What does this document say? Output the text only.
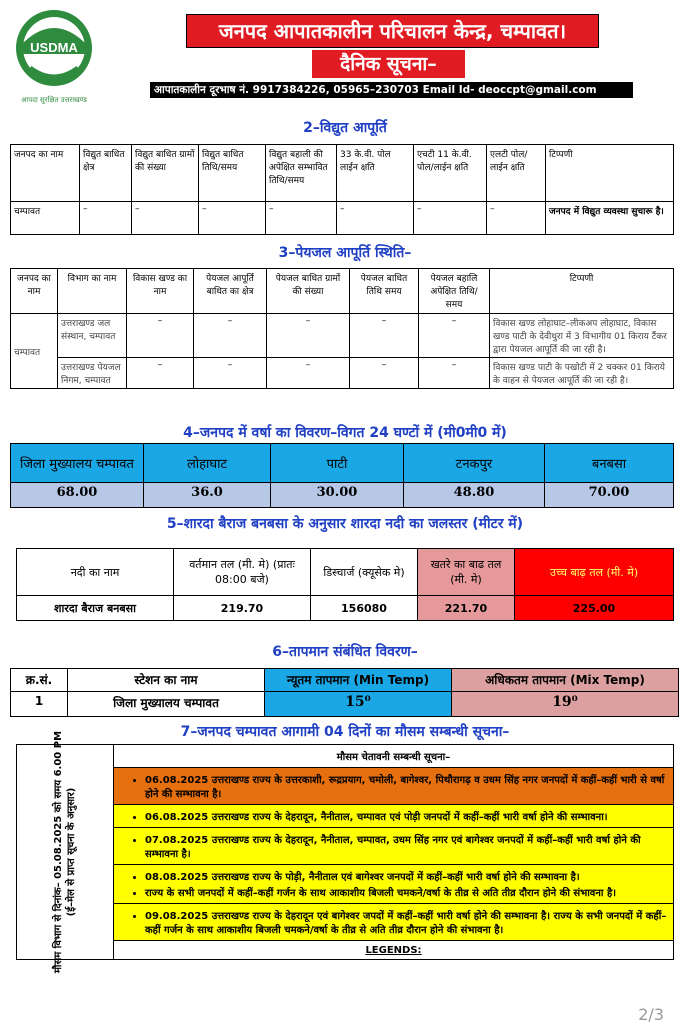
USDMA
आपदा सुरक्षित उत्तराखण्ड
जनपद आपातकालीन परिचालन केन्द्र, चम्पावत।
दैनिक सूचना–
आपातकालीन दूरभाष नं. 9917384226, 05965–230703 Email Id- deoccpt@gmail.com
2–विद्युत आपूर्ति
जनपद का नाम	विद्युत बाधित क्षेत्र	विद्युत बाधित ग्रामों की संख्या	विद्युत बाधित तिथि/समय	विद्युत बहाली की अपेक्षित सम्भावित तिथि/समय	33 के.वी. पोल लाईन क्षति	एचटी 11 के.वी. पोल/लाईन क्षति	एलटी पोल/लाईन क्षति	टिप्पणी
चम्पावत	–	–	–	–	–	–	–	जनपद में विद्युत व्यवस्था सुचारू है।
3–पेयजल आपूर्ति स्थिति–
जनपद का नाम	विभाग का नाम	विकास खण्ड का नाम	पेयजल आपूर्ति बाधित का क्षेत्र	पेयजल बाधित ग्रामों की संख्या	पेयजल बाधित तिथि समय	पेयजल बहालि अपेक्षित तिथि/समय	टिप्पणी
चम्पावत	उत्तराखण्ड जल संस्थान, चम्पावत	–	–	–	–	–	विकास खण्ड लोहाघाट–लीकअप लोहाघाट, विकास खण्ड पाटी के देवीधुरा में 3 विभागीय 01 किराय टैंकर द्वारा पेयजल आपूर्ति की जा रही है।
	उत्तराखण्ड पेयजल निगम, चम्पावत	–	–	–	–	–	विकास खण्ड पाटी के पखोटी में 2 चक्कर 01 किराये के वाहन से पेयजल आपूर्ति की जा रही है।
4–जनपद में वर्षा का विवरण–विगत 24 घण्टों में (मी0मी0 में)
जिला मुख्यालय चम्पावत	लोहाघाट	पाटी	टनकपुर	बनबसा
68.00	36.0	30.00	48.80	70.00
5–शारदा बैराज बनबसा के अनुसार शारदा नदी का जलस्तर (मीटर में)
नदी का नाम	वर्तमान तल (मी. मे) (प्रातः 08:00 बजे)	डिस्चार्ज (क्यूसेक मे)	खतरे का बाढ तल (मी. मे)	उच्च बाढ़ तल (मी. मे)
शारदा बैराज बनबसा	219.70	156080	221.70	225.00
6–तापमान संबंधित विवरण–
क्र.सं.	स्टेशन का नाम	न्यूतम तापमान (Min Temp)	अधिकतम तापमान (Mix Temp)
1	जिला मुख्यालय चम्पावत	15⁰	19⁰
7–जनपद चम्पावत आगामी 04 दिनों का मौसम सम्बन्धी सूचना–
मौसम विभाग से दिनांक– 05.08.2025 को समय 6.00 PM (ई–मेल से प्राप्त सूचना के अनुसार)
	मौसम चेतावनी सम्बन्धी सूचना–

• 06.08.2025 उत्तराखण्ड राज्य के उत्तरकाशी, रूद्रप्रयाग, चमोली, बागेश्वर, पिथौरागढ़ व उधम सिंह नगर जनपदों में कहीं–कहीं भारी से वर्षा होने की सम्भावना है।

• 06.08.2025 उत्तराखण्ड राज्य के देहरादून, नैनीताल, चम्पावत एवं पोड़ी जनपदों में कहीं–कहीं भारी वर्षा होने की सम्भावना।

• 07.08.2025 उत्तराखण्ड राज्य के देहरादून, नैनीताल, चम्पावत, उधम सिंह नगर एवं बागेश्वर जनपदों में कहीं–कहीं भारी वर्षा होने की सम्भावना है।

• 08.08.2025 उत्तराखण्ड राज्य के पोड़ी, नैनीताल एवं बागेश्वर जनपदों में कहीं–कहीं भारी वर्षा होने की सम्भावना है।
• राज्य के सभी जनपदों में कहीं–कहीं गर्जन के साथ आकाशीय बिजली चमकने/वर्षा के तीव्र से अति तीव्र दौरान होने की संभावना है।

• 09.08.2025 उत्तराखण्ड राज्य के देहरादून एवं बागेश्वर जपदों में कहीं–कहीं भारी वर्षा होने की सम्भावना है। राज्य के सभी जनपदों में कहीं–कहीं गर्जन के साथ आकाशीय बिजली चमकने/वर्षा के तीव्र से अति तीव्र दौरान होने की संभावना है।

LEGENDS:
2/3
